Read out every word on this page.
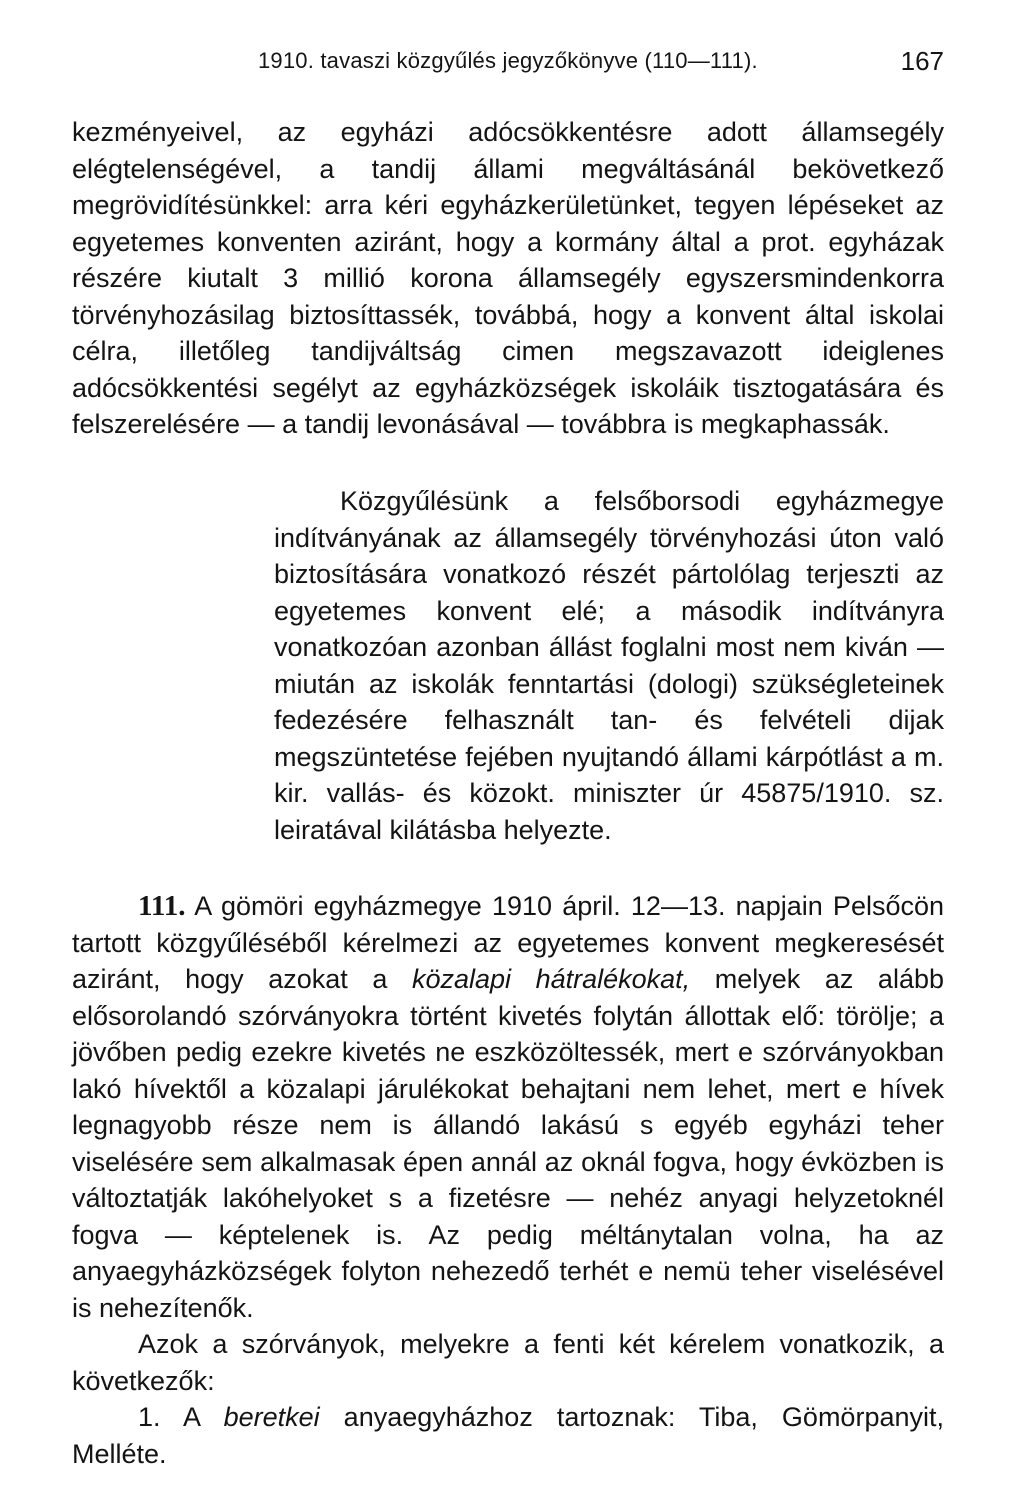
1910. tavaszi közgyűlés jegyzőkönyve (110—111).	167

kezményeivel, az egyházi adócsökkentésre adott államsegély elégtelenségével, a tandij állami megváltásánál bekövetkező megrövidítésünkkel: arra kéri egyházkerületünket, tegyen lépéseket az egyetemes konventen aziránt, hogy a kormány által a prot. egyházak részére kiutalt 3 millió korona államsegély egyszersmindenkorra törvényhozásilag biztosíttassék, továbbá, hogy a konvent által iskolai célra, illetőleg tandijváltság cimen megszavazott ideiglenes adócsökkentési segélyt az egyházközségek iskoláik tisztogatására és felszerelésére — a tandij levonásával — továbbra is megkaphassák.

Közgyűlésünk a felsőborsodi egyházmegye indítványának az államsegély törvényhozási úton való biztosítására vonatkozó részét pártolólag terjeszti az egyetemes konvent elé; a második indítványra vonatkozóan azonban állást foglalni most nem kiván — miután az iskolák fenntartási (dologi) szükségleteinek fedezésére felhasznált tan- és felvételi dijak megszüntetése fejében nyujtandó állami kárpótlást a m. kir. vallás- és közokt. miniszter úr 45875/1910. sz. leiratával kilátásba helyezte.

111. A gömöri egyházmegye 1910 ápril. 12—13. napjain Pelsőcön tartott közgyűléséből kérelmezi az egyetemes konvent megkeresését aziránt, hogy azokat a közalapi hátralékokat, melyek az alább elősorolandó szórványokra történt kivetés folytán állottak elő: törölje; a jövőben pedig ezekre kivetés ne eszközöltessék, mert e szórványokban lakó hívektől a közalapi járulékokat behajtani nem lehet, mert e hívek legnagyobb része nem is állandó lakású s egyéb egyházi teher viselésére sem alkalmasak épen annál az oknál fogva, hogy évközben is változtatják lakóhelyoket s a fizetésre — nehéz anyagi helyzetoknél fogva — képtelenek is. Az pedig méltánytalan volna, ha az anyaegyházközségek folyton nehezedő terhét e nemü teher viselésével is nehezítenők.

Azok a szórványok, melyekre a fenti két kérelem vonatkozik, a következők:

1. A beretkei anyaegyházhoz tartoznak: Tiba, Gömörpanyit, Melléte.
